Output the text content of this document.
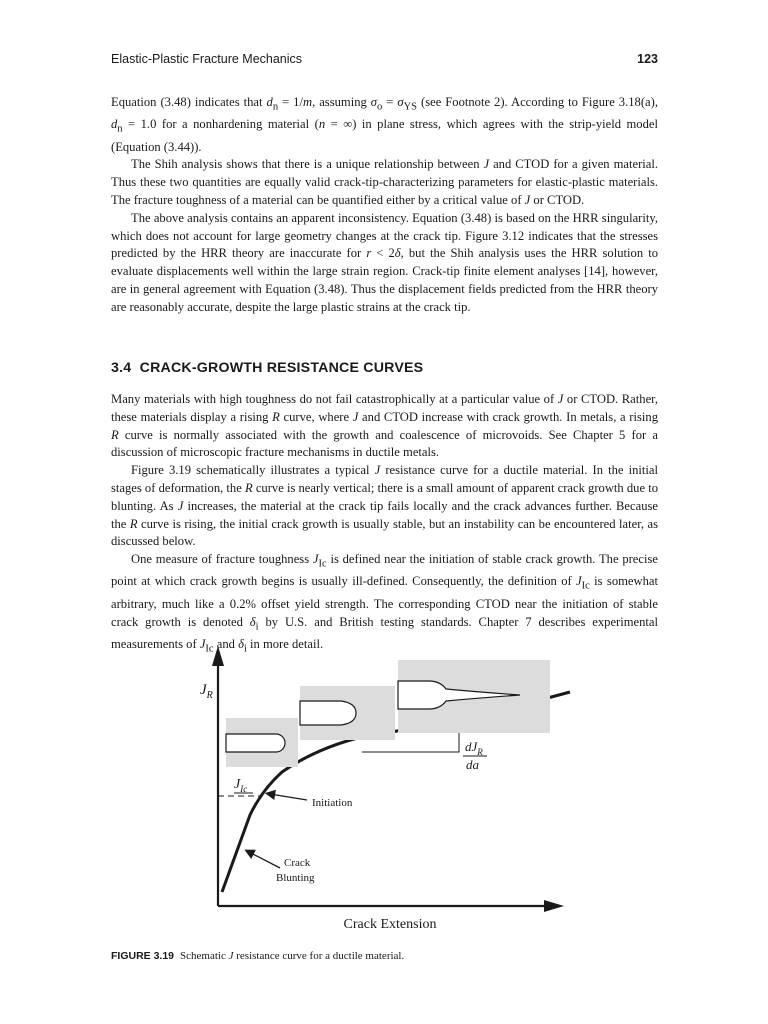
Elastic-Plastic Fracture Mechanics	123

Equation (3.48) indicates that $d_n = 1/m$, assuming $\sigma_o = \sigma_{YS}$ (see Footnote 2). According to Figure 3.18(a), $d_n = 1.0$ for a nonhardening material (n = ∞) in plane stress, which agrees with the strip-yield model (Equation (3.44)).

The Shih analysis shows that there is a unique relationship between J and CTOD for a given material. Thus these two quantities are equally valid crack-tip-characterizing parameters for elastic-plastic materials. The fracture toughness of a material can be quantified either by a critical value of J or CTOD.

The above analysis contains an apparent inconsistency. Equation (3.48) is based on the HRR singularity, which does not account for large geometry changes at the crack tip. Figure 3.12 indicates that the stresses predicted by the HRR theory are inaccurate for r < 2δ, but the Shih analysis uses the HRR solution to evaluate displacements well within the large strain region. Crack-tip finite element analyses [14], however, are in general agreement with Equation (3.48). Thus the displacement fields predicted from the HRR theory are reasonably accurate, despite the large plastic strains at the crack tip.

3.4 CRACK-GROWTH RESISTANCE CURVES

Many materials with high toughness do not fail catastrophically at a particular value of J or CTOD. Rather, these materials display a rising R curve, where J and CTOD increase with crack growth. In metals, a rising R curve is normally associated with the growth and coalescence of microvoids. See Chapter 5 for a discussion of microscopic fracture mechanisms in ductile metals.

Figure 3.19 schematically illustrates a typical J resistance curve for a ductile material. In the initial stages of deformation, the R curve is nearly vertical; there is a small amount of apparent crack growth due to blunting. As J increases, the material at the crack tip fails locally and the crack advances further. Because the R curve is rising, the initial crack growth is usually stable, but an instability can be encountered later, as discussed below.

One measure of fracture toughness $J_{Ic}$ is defined near the initiation of stable crack growth. The precise point at which crack growth begins is usually ill-defined. Consequently, the definition of $J_{Ic}$ is somewhat arbitrary, much like a 0.2% offset yield strength. The corresponding CTOD near the initiation of stable crack growth is denoted $\delta_i$ by U.S. and British testing standards. Chapter 7 describes experimental measurements of $J_{Ic}$ and $\delta_i$ in more detail.

$J_R$
Crack Extension
$J_{Ic}$
Initiation
Crack
Blunting
$dJ_R$
da
FIGURE 3.19 Schematic J resistance curve for a ductile material.
